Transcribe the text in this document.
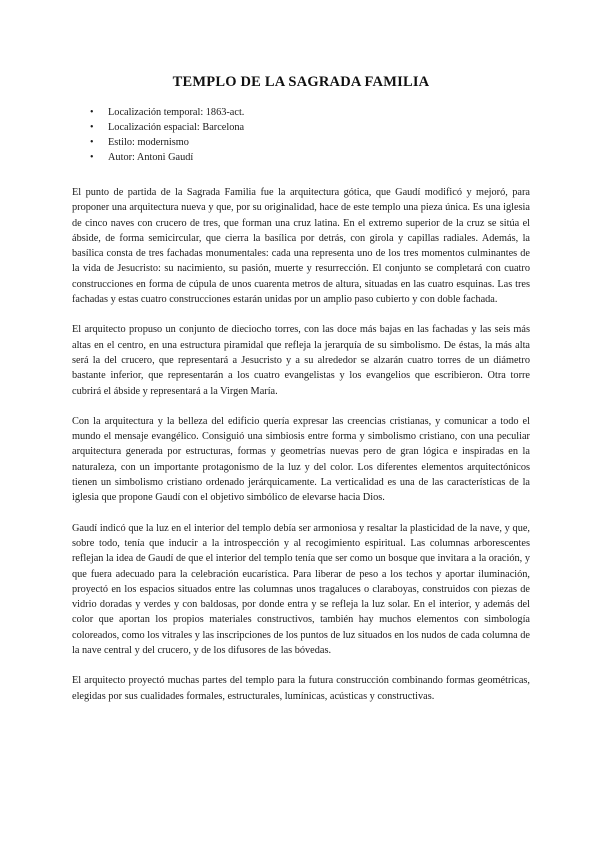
TEMPLO DE LA SAGRADA FAMILIA
• Localización temporal: 1863-act.
• Localización espacial: Barcelona
• Estilo: modernismo
• Autor: Antoni Gaudí

El punto de partida de la Sagrada Familia fue la arquitectura gótica, que Gaudí modificó y mejoró, para proponer una arquitectura nueva y que, por su originalidad, hace de este templo una pieza única. Es una iglesia de cinco naves con crucero de tres, que forman una cruz latina. En el extremo superior de la cruz se sitúa el ábside, de forma semicircular, que cierra la basílica por detrás, con girola y capillas radiales. Además, la basílica consta de tres fachadas monumentales: cada una representa uno de los tres momentos culminantes de la vida de Jesucristo: su nacimiento, su pasión, muerte y resurrección. El conjunto se completará con cuatro construcciones en forma de cúpula de unos cuarenta metros de altura, situadas en las cuatro esquinas. Las tres fachadas y estas cuatro construcciones estarán unidas por un amplio paso cubierto y con doble fachada.

El arquitecto propuso un conjunto de dieciocho torres, con las doce más bajas en las fachadas y las seis más altas en el centro, en una estructura piramidal que refleja la jerarquía de su simbolismo. De éstas, la más alta será la del crucero, que representará a Jesucristo y a su alrededor se alzarán cuatro torres de un diámetro bastante inferior, que representarán a los cuatro evangelistas y los evangelios que escribieron. Otra torre cubrirá el ábside y representará a la Virgen María.

Con la arquitectura y la belleza del edificio quería expresar las creencias cristianas, y comunicar a todo el mundo el mensaje evangélico. Consiguió una simbiosis entre forma y simbolismo cristiano, con una peculiar arquitectura generada por estructuras, formas y geometrías nuevas pero de gran lógica e inspiradas en la naturaleza, con un importante protagonismo de la luz y del color. Los diferentes elementos arquitectónicos tienen un simbolismo cristiano ordenado jerárquicamente. La verticalidad es una de las características de la iglesia que propone Gaudí con el objetivo simbólico de elevarse hacia Dios.

Gaudí indicó que la luz en el interior del templo debía ser armoniosa y resaltar la plasticidad de la nave, y que, sobre todo, tenía que inducir a la introspección y al recogimiento espiritual. Las columnas arborescentes reflejan la idea de Gaudí de que el interior del templo tenía que ser como un bosque que invitara a la oración, y que fuera adecuado para la celebración eucarística. Para liberar de peso a los techos y aportar iluminación, proyectó en los espacios situados entre las columnas unos tragaluces o claraboyas, construidos con piezas de vidrio doradas y verdes y con baldosas, por donde entra y se refleja la luz solar. En el interior, y además del color que aportan los propios materiales constructivos, también hay muchos elementos con simbología coloreados, como los vitrales y las inscripciones de los puntos de luz situados en los nudos de cada columna de la nave central y del crucero, y de los difusores de las bóvedas.

El arquitecto proyectó muchas partes del templo para la futura construcción combinando formas geométricas, elegidas por sus cualidades formales, estructurales, lumínicas, acústicas y constructivas.
